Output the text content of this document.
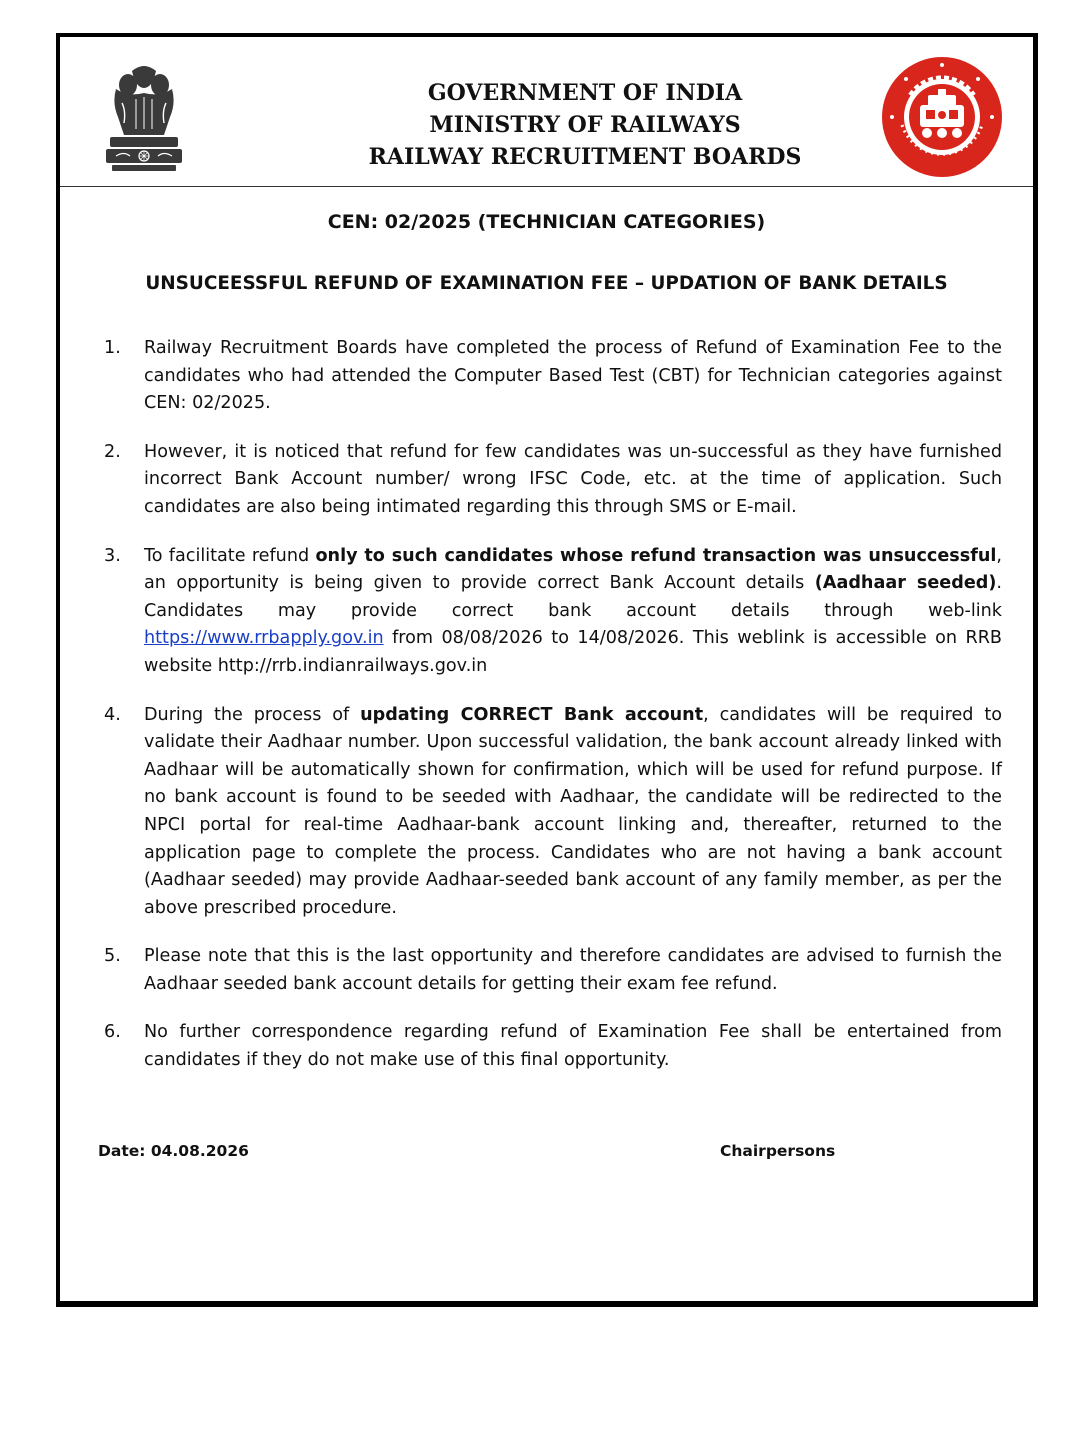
GOVERNMENT OF INDIA
MINISTRY OF RAILWAYS
RAILWAY RECRUITMENT BOARDS
CEN: 02/2025 (TECHNICIAN CATEGORIES)
UNSUCEESSFUL REFUND OF EXAMINATION FEE – UPDATION OF BANK DETAILS
1. Railway Recruitment Boards have completed the process of Refund of Examination Fee to the candidates who had attended the Computer Based Test (CBT) for Technician categories against CEN: 02/2025.
2. However, it is noticed that refund for few candidates was un-successful as they have furnished incorrect Bank Account number/ wrong IFSC Code, etc. at the time of application. Such candidates are also being intimated regarding this through SMS or E-mail.
3. To facilitate refund only to such candidates whose refund transaction was unsuccessful, an opportunity is being given to provide correct Bank Account details (Aadhaar seeded). Candidates may provide correct bank account details through web-link https://www.rrbapply.gov.in from 08/08/2026 to 14/08/2026. This weblink is accessible on RRB website http://rrb.indianrailways.gov.in
4. During the process of updating CORRECT Bank account, candidates will be required to validate their Aadhaar number. Upon successful validation, the bank account already linked with Aadhaar will be automatically shown for confirmation, which will be used for refund purpose. If no bank account is found to be seeded with Aadhaar, the candidate will be redirected to the NPCI portal for real-time Aadhaar-bank account linking and, thereafter, returned to the application page to complete the process. Candidates who are not having a bank account (Aadhaar seeded) may provide Aadhaar-seeded bank account of any family member, as per the above prescribed procedure.
5. Please note that this is the last opportunity and therefore candidates are advised to furnish the Aadhaar seeded bank account details for getting their exam fee refund.
6. No further correspondence regarding refund of Examination Fee shall be entertained from candidates if they do not make use of this final opportunity.
Date: 04.08.2026	Chairpersons
